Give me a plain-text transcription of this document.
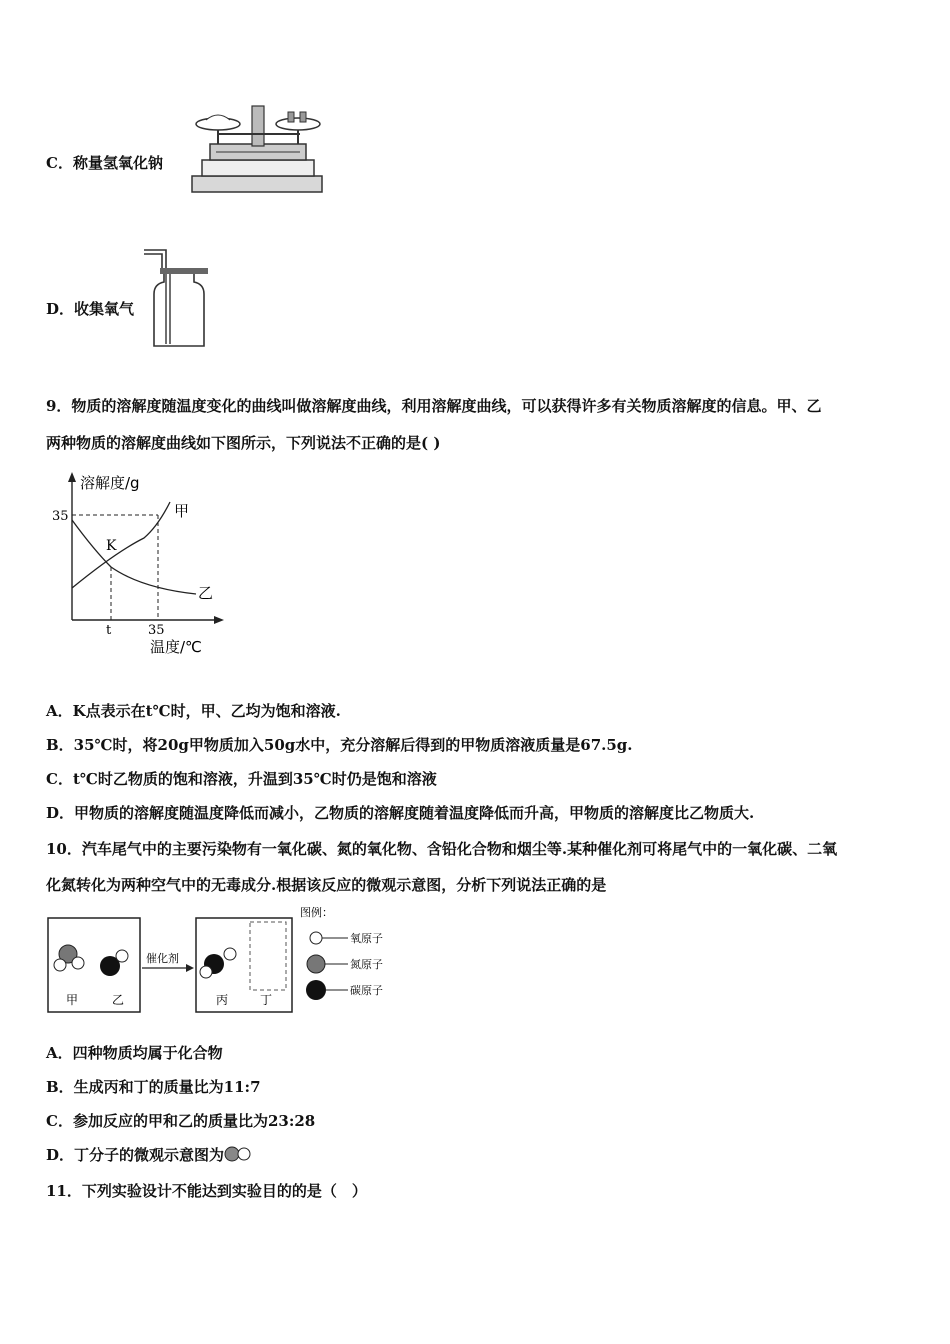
C．称量氢氧化钠
D．收集氧气
9．物质的溶解度随温度变化的曲线叫做溶解度曲线，利用溶解度曲线，可以获得许多有关物质溶解度的信息。甲、乙
两种物质的溶解度曲线如下图所示，下列说法不正确的是( )
溶解度/g
温度/℃
35
t	35
K
甲
乙
A．K点表示在t℃时，甲、乙均为饱和溶液.
B．35℃时，将20g甲物质加入50g水中，充分溶解后得到的甲物质溶液质量是67.5g.
C．t℃时乙物质的饱和溶液，升温到35℃时仍是饱和溶液
D．甲物质的溶解度随温度降低而减小，乙物质的溶解度随着温度降低而升高，甲物质的溶解度比乙物质大.
10．汽车尾气中的主要污染物有一氧化碳、氮的氧化物、含铅化合物和烟尘等.某种催化剂可将尾气中的一氧化碳、二氧
化氮转化为两种空气中的无毒成分.根据该反应的微观示意图，分析下列说法正确的是
甲	乙
催化剂
丙	丁
图例：
氧原子
氮原子
碳原子
A．四种物质均属于化合物
B．生成丙和丁的质量比为11:7
C．参加反应的甲和乙的质量比为23:28
D．丁分子的微观示意图为
11．下列实验设计不能达到实验目的的是（　）
